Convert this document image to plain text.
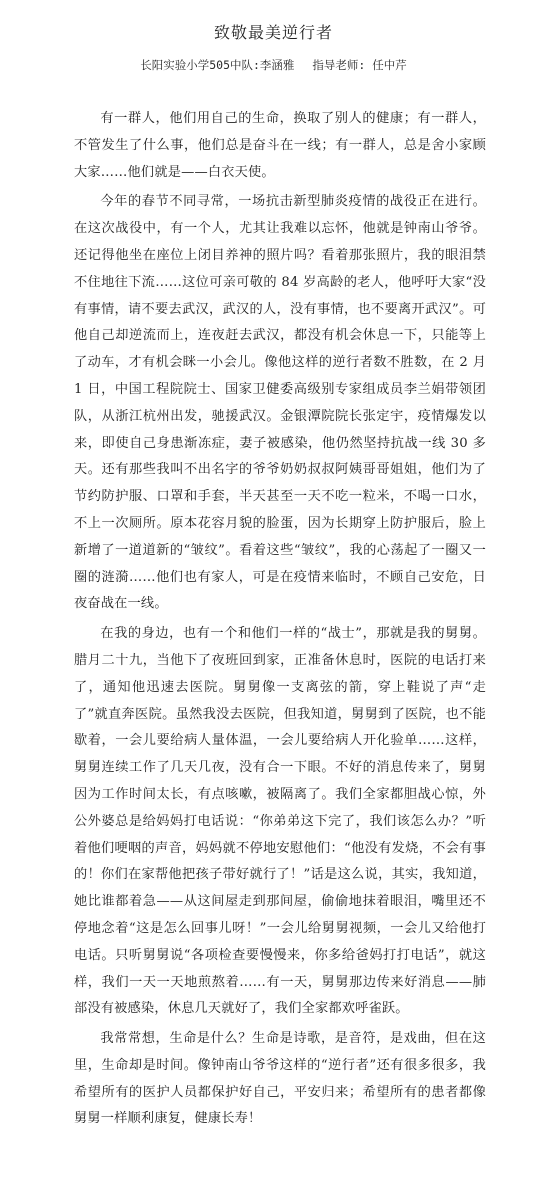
致敬最美逆行者
长阳实验小学505中队:李涵雅 指导老师: 任中芹

有一群人，他们用自己的生命，换取了别人的健康；有一群人，不管发生了什么事，他们总是奋斗在一线；有一群人，总是舍小家顾大家……他们就是——白衣天使。

今年的春节不同寻常，一场抗击新型肺炎疫情的战役正在进行。在这次战役中，有一个人，尤其让我难以忘怀，他就是钟南山爷爷。还记得他坐在座位上闭目养神的照片吗？看着那张照片，我的眼泪禁不住地往下流……这位可亲可敬的 84 岁高龄的老人，他呼吁大家“没有事情，请不要去武汉，武汉的人，没有事情，也不要离开武汉”。可他自己却逆流而上，连夜赶去武汉，都没有机会休息一下，只能等上了动车，才有机会眯一小会儿。像他这样的逆行者数不胜数，在 2 月 1 日，中国工程院院士、国家卫健委高级别专家组成员李兰娟带领团队，从浙江杭州出发，驰援武汉。金银潭院院长张定宇，疫情爆发以来，即使自己身患渐冻症，妻子被感染，他仍然坚持抗战一线 30 多天。还有那些我叫不出名字的爷爷奶奶叔叔阿姨哥哥姐姐，他们为了节约防护服、口罩和手套，半天甚至一天不吃一粒米，不喝一口水，不上一次厕所。原本花容月貌的脸蛋，因为长期穿上防护服后，脸上新增了一道道新的“皱纹”。看着这些“皱纹”，我的心荡起了一圈又一圈的涟漪……他们也有家人，可是在疫情来临时，不顾自己安危，日夜奋战在一线。

在我的身边，也有一个和他们一样的“战士”，那就是我的舅舅。腊月二十九，当他下了夜班回到家，正准备休息时，医院的电话打来了，通知他迅速去医院。舅舅像一支离弦的箭，穿上鞋说了声“走了”就直奔医院。虽然我没去医院，但我知道，舅舅到了医院，也不能歇着，一会儿要给病人量体温，一会儿要给病人开化验单……这样，舅舅连续工作了几天几夜，没有合一下眼。不好的消息传来了，舅舅因为工作时间太长，有点咳嗽，被隔离了。我们全家都胆战心惊，外公外婆总是给妈妈打电话说：“你弟弟这下完了，我们该怎么办？”听着他们哽咽的声音，妈妈就不停地安慰他们：“他没有发烧，不会有事的！你们在家帮他把孩子带好就行了！”话是这么说，其实，我知道，她比谁都着急——从这间屋走到那间屋，偷偷地抹着眼泪，嘴里还不停地念着“这是怎么回事儿呀！”一会儿给舅舅视频，一会儿又给他打电话。只听舅舅说“各项检查要慢慢来，你多给爸妈打打电话”，就这样，我们一天一天地煎熬着……有一天，舅舅那边传来好消息——肺部没有被感染，休息几天就好了，我们全家都欢呼雀跃。

我常常想，生命是什么？生命是诗歌，是音符，是戏曲，但在这里，生命却是时间。像钟南山爷爷这样的“逆行者”还有很多很多，我希望所有的医护人员都保护好自己，平安归来；希望所有的患者都像舅舅一样顺利康复，健康长寿！
